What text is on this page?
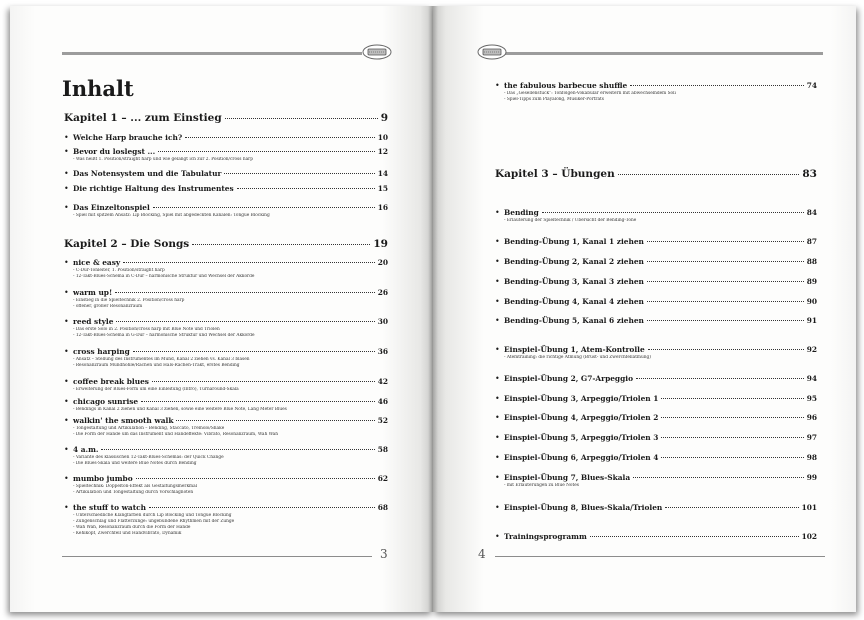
Inhalt
Kapitel 1 – ... zum Einstieg	9
• Welche Harp brauche ich?	10
• Bevor du loslegst ...	12
- Was heißt 1. Position/straight harp und wie gelangt ich zur 2. Position/cross harp
• Das Notensystem und die Tabulatur	14
• Die richtige Haltung des Instrumentes	15
• Das Einzeltonspiel	16
- Spiel mit spitzem Ansatz: Lip Blocking, Spiel mit abgedeckten Kanälen: Tongue Blocking
Kapitel 2 – Die Songs	19
• nice & easy	20
- C-Dur-Tonleiter, 1. Position/straight harp
- 12-Takt-Blues-Schema in C-Dur – harmonische Struktur und Wechsel der Akkorde
• warm up!	26
- Einstieg in die Spieltechnik 2. Position/cross harp
- offener, großer Resonanzraum
• reed style	30
- Das erste Solo in 2. Position/cross harp mit Blue Note und Triolen
- 12-Takt-Blues-Schema in G-Dur – harmonische Struktur und Wechsel der Akkorde
• cross harping	36
- Ansatz – Stellung des Instrumentes im Mund, Kanal 2 ziehen vs. Kanal 3 blasen
- Resonanzraum Mundhöhle/Rachen und Hals-Rachen-Trakt, erstes Bending
• coffee break blues	42
- Erweiterung der Blues-Form um eine Einleitung (Intro), Turnaround-Skala
• chicago sunrise	46
- Bendings in Kanal 2 ziehen und Kanal 3 ziehen, sowie eine weitere Blue Note, Lang Meter Blues
• walkin' the smooth walk	52
- Tongestaltung und Artikulation – Bending, Staccato, Tremolo/Shake
- Die Form der Hände um das Instrument und Handeffekte: Vibrato, Resonanzraum, Wah Wah
• 4 a.m.	58
- Variante des klassischen 12-Takt-Blues-Schemas: der Quick Change
- Die Blues-Skala und weitere Blue Notes durch Bending
• mumbo jumbo	62
- Spieltechnik: Doppelton-Effekt als Gestaltungsmerkmal
- Artikulation und Tongestaltung durch Vorschlagnoten
• the stuff to watch	68
- Unterschiedliche Klangfarben durch Lip Blocking und Tongue Blocking
- Zungenschlag und Flatterzunge: ungebundene Rhythmen mit der Zunge
- Wah Wah, Resonanzraum durch die Form der Hände
- Kehlkopf, Zwerchfell und Handvibrato, Dynamik
3
• the fabulous barbecue shuffle	74
- Das „Gesellenstück“: Tonfolgen-Vokabular erweitern mit abwechselndem Soli
- Spiel-Tipps zum Playalong, Musiker-Porträts
Kapitel 3 – Übungen	83
• Bending	84
- Erläuterung der Spieltechnik / Übersicht der Bending-Töne
• Bending-Übung 1, Kanal 1 ziehen	87
• Bending-Übung 2, Kanal 2 ziehen	88
• Bending-Übung 3, Kanal 3 ziehen	89
• Bending-Übung 4, Kanal 4 ziehen	90
• Bending-Übung 5, Kanal 6 ziehen	91
• Einspiel-Übung 1, Atem-Kontrolle	92
- Atemtraining: die richtige Atmung (Brust- und Zwerchfellatmung)
• Einspiel-Übung 2, G7-Arpeggio	94
• Einspiel-Übung 3, Arpeggio/Triolen 1	95
• Einspiel-Übung 4, Arpeggio/Triolen 2	96
• Einspiel-Übung 5, Arpeggio/Triolen 3	97
• Einspiel-Übung 6, Arpeggio/Triolen 4	98
• Einspiel-Übung 7, Blues-Skala	99
- mit Erläuterungen zu Blue Notes
• Einspiel-Übung 8, Blues-Skala/Triolen	101
• Trainingsprogramm	102
4
